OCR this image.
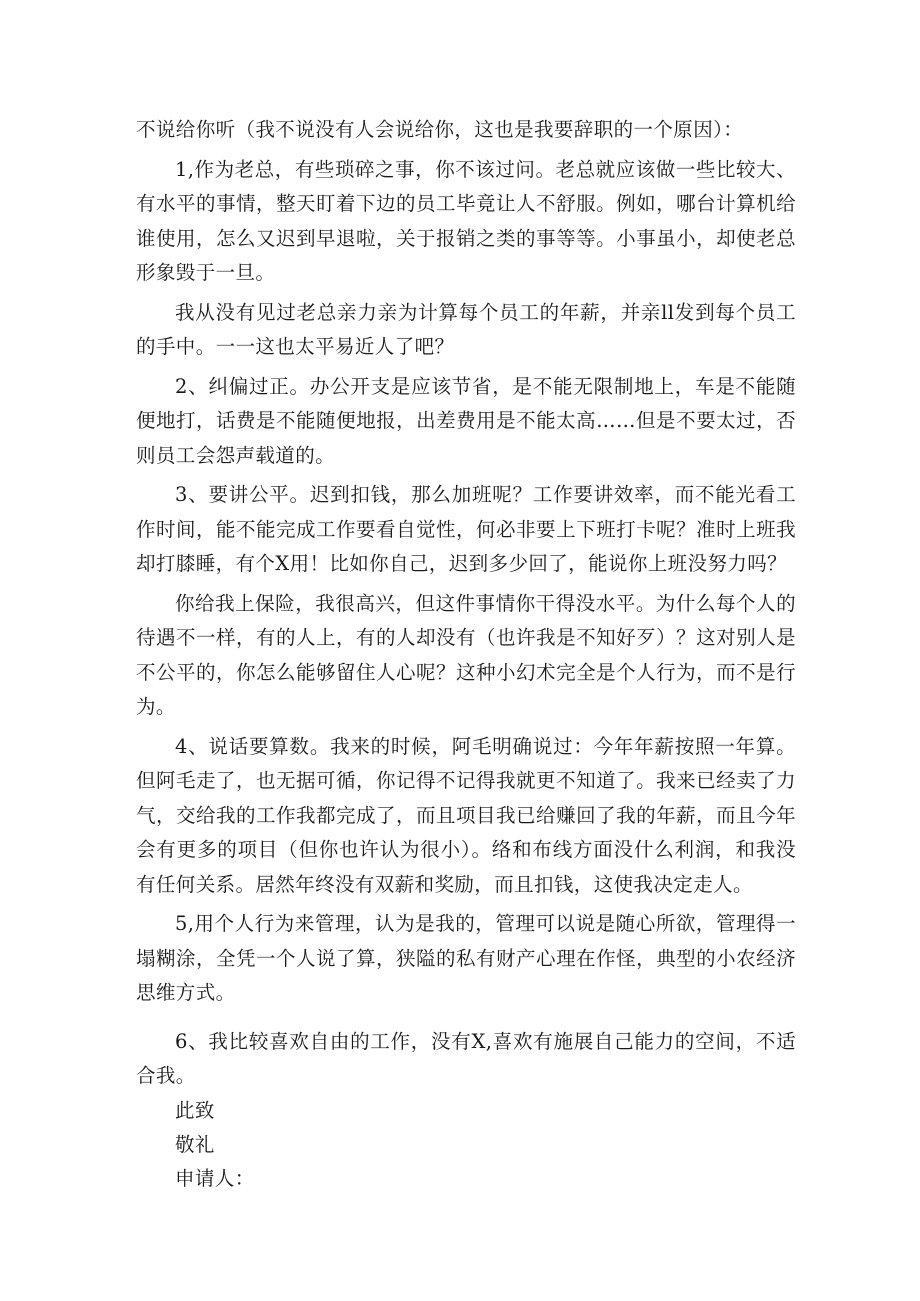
不说给你听（我不说没有人会说给你，这也是我要辞职的一个原因）：

1,作为老总，有些琐碎之事，你不该过问。老总就应该做一些比较大、有水平的事情，整天盯着下边的员工毕竟让人不舒服。例如，哪台计算机给谁使用，怎么又迟到早退啦，关于报销之类的事等等。小事虽小，却使老总形象毁于一旦。

我从没有见过老总亲力亲为计算每个员工的年薪，并亲ll发到每个员工的手中。一一这也太平易近人了吧？

2、纠偏过正。办公开支是应该节省，是不能无限制地上，车是不能随便地打，话费是不能随便地报，出差费用是不能太高……但是不要太过，否则员工会怨声载道的。

3、要讲公平。迟到扣钱，那么加班呢？工作要讲效率，而不能光看工作时间，能不能完成工作要看自觉性，何必非要上下班打卡呢？准时上班我却打膝睡，有个X用！比如你自己，迟到多少回了，能说你上班没努力吗？

你给我上保险，我很高兴，但这件事情你干得没水平。为什么每个人的待遇不一样，有的人上，有的人却没有（也许我是不知好歹）？这对别人是不公平的，你怎么能够留住人心呢？这种小幻术完全是个人行为，而不是行为。

4、说话要算数。我来的时候，阿毛明确说过：今年年薪按照一年算。但阿毛走了，也无据可循，你记得不记得我就更不知道了。我来已经卖了力气，交给我的工作我都完成了，而且项目我已给赚回了我的年薪，而且今年会有更多的项目（但你也许认为很小）。络和布线方面没什么利润，和我没有任何关系。居然年终没有双薪和奖励，而且扣钱，这使我决定走人。

5,用个人行为来管理，认为是我的，管理可以说是随心所欲，管理得一塌糊涂，全凭一个人说了算，狭隘的私有财产心理在作怪，典型的小农经济思维方式。

6、我比较喜欢自由的工作，没有X,喜欢有施展自己能力的空间，不适合我。

此致

敬礼

申请人：
